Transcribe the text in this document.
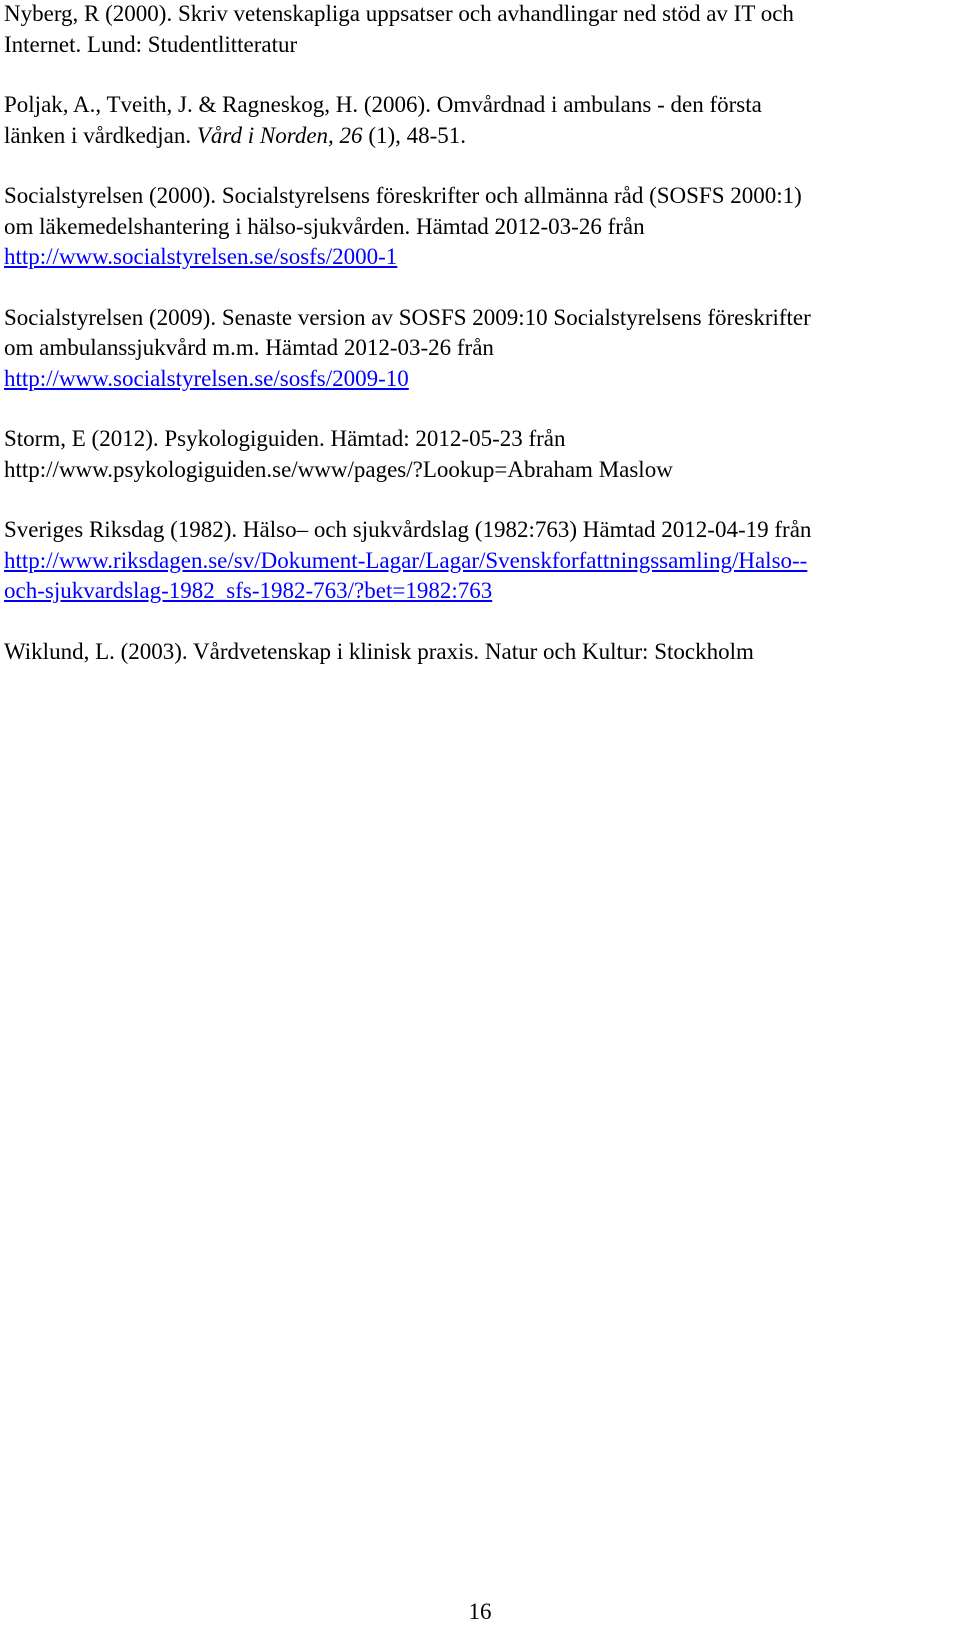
Nyberg, R (2000). Skriv vetenskapliga uppsatser och avhandlingar ned stöd av IT och
Internet. Lund: Studentlitteratur
Poljak, A., Tveith, J. & Ragneskog, H. (2006). Omvårdnad i ambulans - den första
länken i vårdkedjan. Vård i Norden, 26 (1), 48-51.
Socialstyrelsen (2000). Socialstyrelsens föreskrifter och allmänna råd (SOSFS 2000:1)
om läkemedelshantering i hälso-sjukvården. Hämtad 2012-03-26 från
http://www.socialstyrelsen.se/sosfs/2000-1
Socialstyrelsen (2009). Senaste version av SOSFS 2009:10 Socialstyrelsens föreskrifter
om ambulanssjukvård m.m. Hämtad 2012-03-26 från
http://www.socialstyrelsen.se/sosfs/2009-10
Storm, E (2012). Psykologiguiden. Hämtad: 2012-05-23 från
http://www.psykologiguiden.se/www/pages/?Lookup=Abraham Maslow
Sveriges Riksdag (1982). Hälso– och sjukvårdslag (1982:763) Hämtad 2012-04-19 från
http://www.riksdagen.se/sv/Dokument-Lagar/Lagar/Svenskforfattningssamling/Halso--
och-sjukvardslag-1982_sfs-1982-763/?bet=1982:763
Wiklund, L. (2003). Vårdvetenskap i klinisk praxis. Natur och Kultur: Stockholm
16
